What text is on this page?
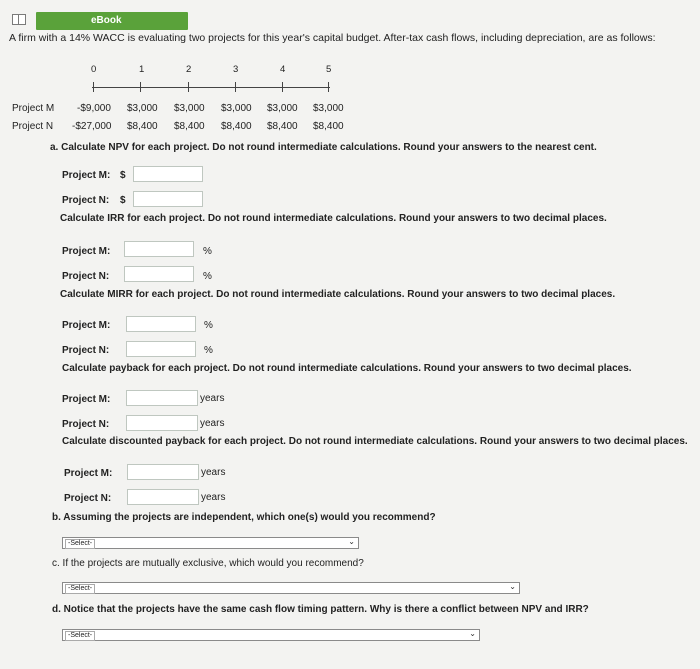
eBook
A firm with a 14% WACC is evaluating two projects for this year's capital budget. After-tax cash flows, including depreciation, are as follows:
0	1	2	3	4	5
Project M -$9,000 $3,000 $3,000 $3,000 $3,000 $3,000
Project N -$27,000 $8,400 $8,400 $8,400 $8,400 $8,400
a. Calculate NPV for each project. Do not round intermediate calculations. Round your answers to the nearest cent.
Project M: $
Project N: $
Calculate IRR for each project. Do not round intermediate calculations. Round your answers to two decimal places.
Project M:	%
Project N:	%
Calculate MIRR for each project. Do not round intermediate calculations. Round your answers to two decimal places.
Project M:	%
Project N:	%
Calculate payback for each project. Do not round intermediate calculations. Round your answers to two decimal places.
Project M:	years
Project N:	years
Calculate discounted payback for each project. Do not round intermediate calculations. Round your answers to two decimal places.
Project M:	years
Project N:	years
b. Assuming the projects are independent, which one(s) would you recommend?
-Select-	⌄
c. If the projects are mutually exclusive, which would you recommend?
-Select-	⌄
d. Notice that the projects have the same cash flow timing pattern. Why is there a conflict between NPV and IRR?
-Select-	⌄
